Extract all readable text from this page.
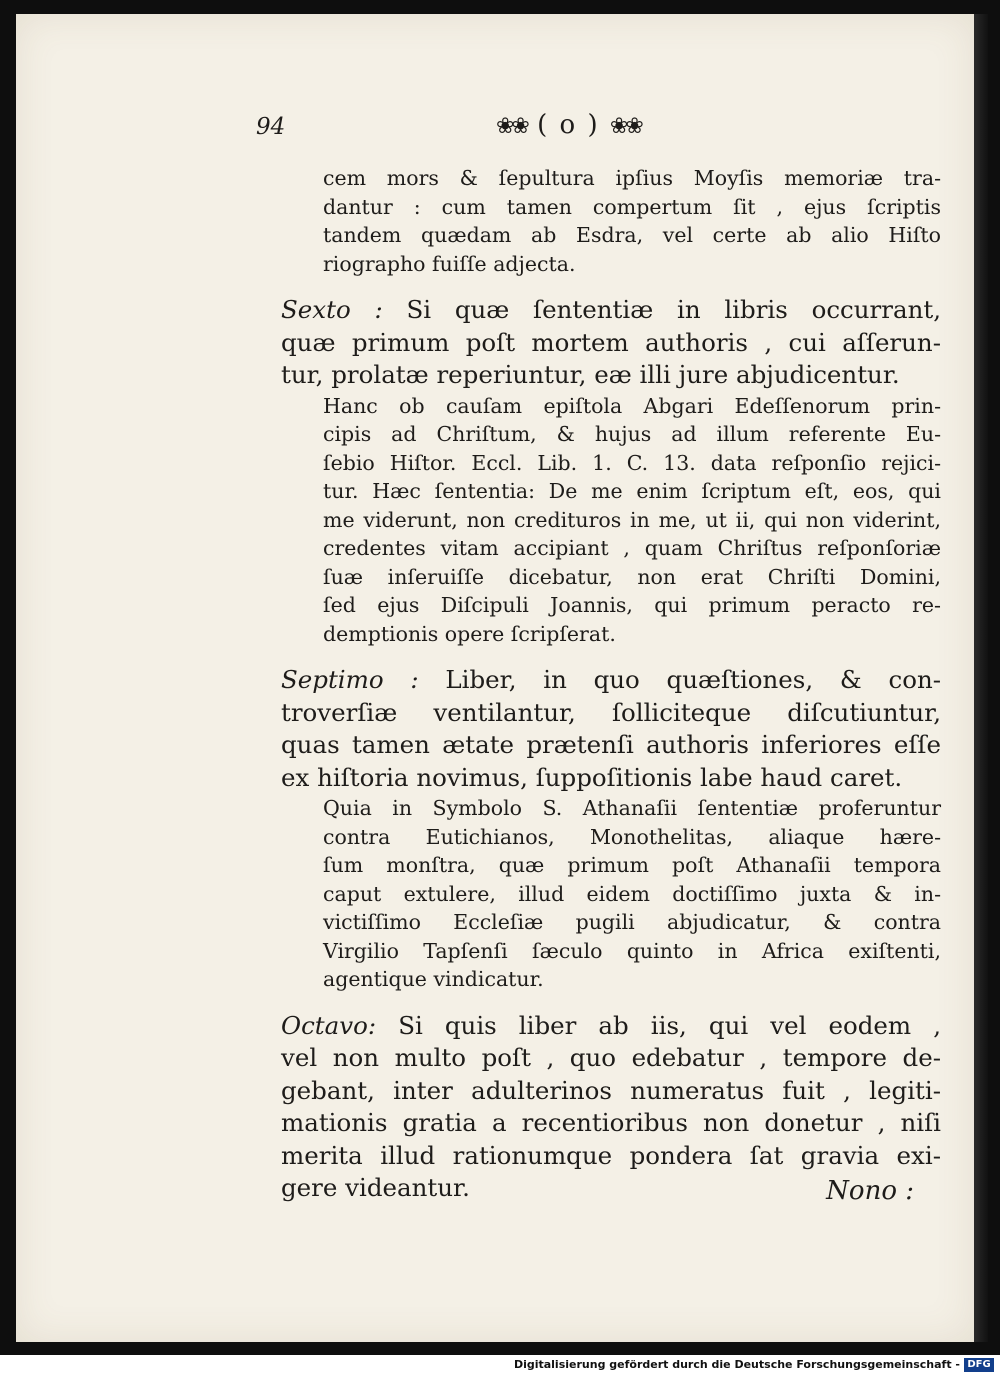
94	❀❀ ( o ) ❀❀
cem mors & ſepultura ipſius Moyſis memoriæ tra-
dantur : cum tamen compertum ſit , ejus ſcriptis
tandem quædam ab Esdra, vel certe ab alio Hiſto
riographo fuiſſe adjecta.
Sexto : Si quæ ſententiæ in libris occurrant,
quæ primum poſt mortem authoris , cui aſſerun-
tur, prolatæ reperiuntur, eæ illi jure abjudicentur.
Hanc ob cauſam epiſtola Abgari Edeſſenorum prin-
cipis ad Chriſtum, & hujus ad illum referente Eu-
ſebio Hiſtor. Eccl. Lib. 1. C. 13. data reſponſio rejici-
tur. Hæc ſententia: De me enim ſcriptum eſt, eos, qui
me viderunt, non credituros in me, ut ii, qui non viderint,
credentes vitam accipiant , quam Chriſtus reſponſoriæ
ſuæ inſeruiſſe dicebatur, non erat Chriſti Domini,
ſed ejus Diſcipuli Joannis, qui primum peracto re-
demptionis opere ſcripſerat.
Septimo : Liber, in quo quæſtiones, & con-
troverſiæ ventilantur, ſolliciteque diſcutiuntur,
quas tamen ætate prætenſi authoris inferiores eſſe
ex hiſtoria novimus, ſuppoſitionis labe haud caret.
Quia in Symbolo S. Athanaſii ſententiæ proferuntur
contra Eutichianos, Monothelitas, aliaque hære-
ſum monſtra, quæ primum poſt Athanaſii tempora
caput extulere, illud eidem doctiſſimo juxta & in-
victiſſimo Eccleſiæ pugili abjudicatur, & contra
Virgilio Tapſenſi ſæculo quinto in Africa exiſtenti,
agentique vindicatur.
Octavo: Si quis liber ab iis, qui vel eodem ,
vel non multo poſt , quo edebatur , tempore de-
gebant, inter adulterinos numeratus fuit , legiti-
mationis gratia a recentioribus non donetur , niſi
merita illud rationumque pondera ſat gravia exi-
gere videantur.	Nono :
Digitalisierung gefördert durch die Deutsche Forschungsgemeinschaft - DFG
